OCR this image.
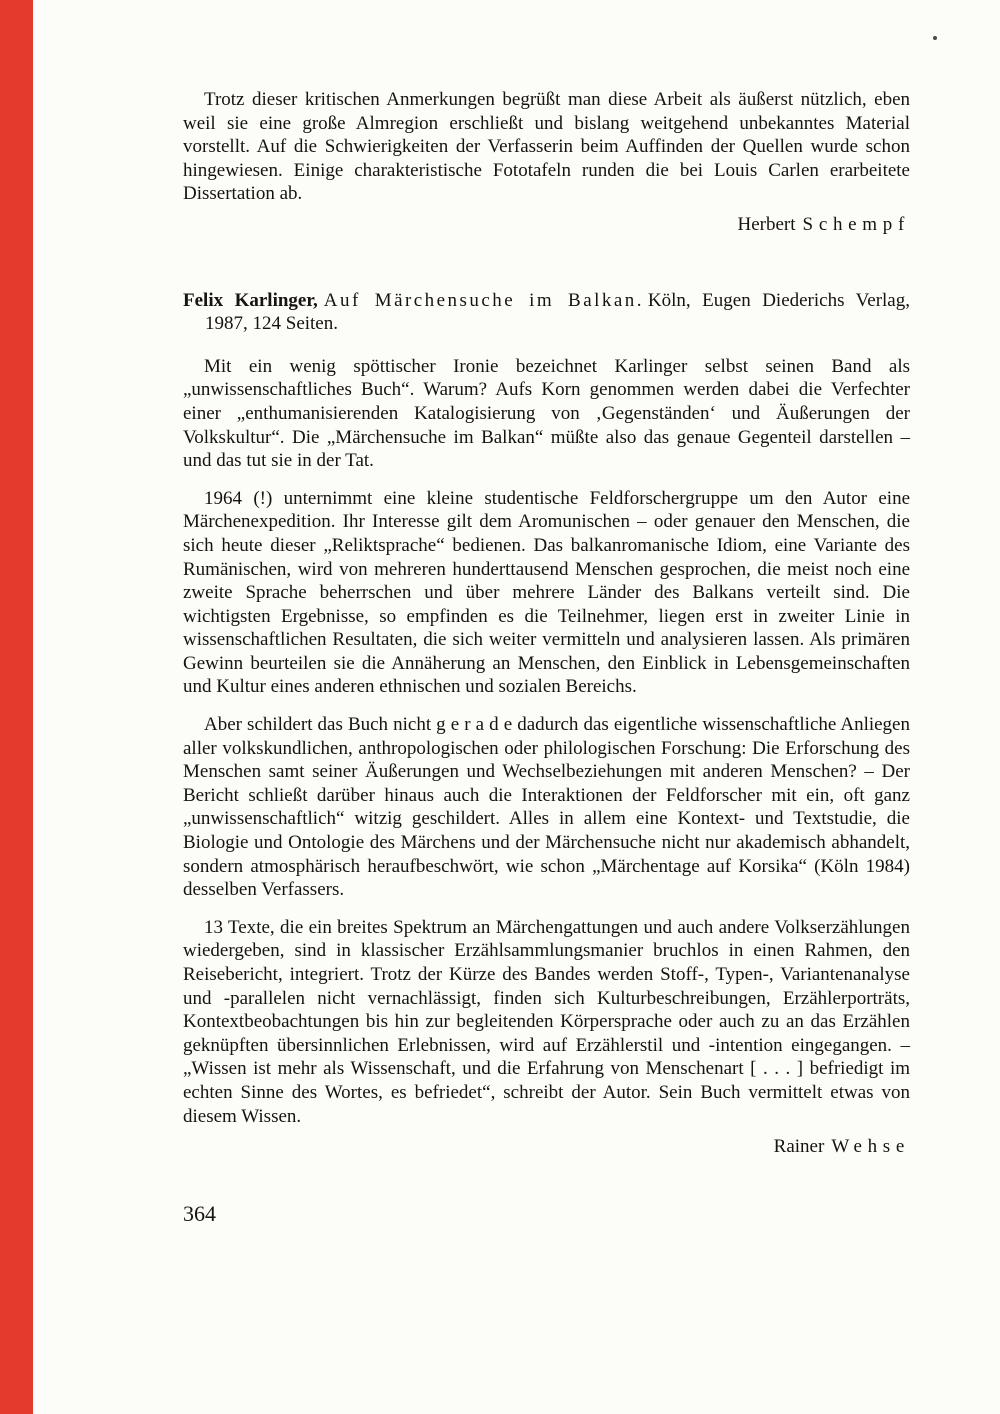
Trotz dieser kritischen Anmerkungen begrüßt man diese Arbeit als äußerst nützlich, eben weil sie eine große Almregion erschließt und bislang weitgehend unbekanntes Material vorstellt. Auf die Schwierigkeiten der Verfasserin beim Auffinden der Quellen wurde schon hingewiesen. Einige charakteristische Fototafeln runden die bei Louis Carlen erarbeitete Dissertation ab.

Herbert Schempf

Felix Karlinger, Auf Märchensuche im Balkan. Köln, Eugen Diederichs Verlag, 1987, 124 Seiten.

Mit ein wenig spöttischer Ironie bezeichnet Karlinger selbst seinen Band als „unwissenschaftliches Buch“. Warum? Aufs Korn genommen werden dabei die Verfechter einer „enthumanisierenden Katalogisierung von ‚Gegenständen‘ und Äußerungen der Volkskultur“. Die „Märchensuche im Balkan“ müßte also das genaue Gegenteil darstellen – und das tut sie in der Tat.

1964 (!) unternimmt eine kleine studentische Feldforschergruppe um den Autor eine Märchenexpedition. Ihr Interesse gilt dem Aromunischen – oder genauer den Menschen, die sich heute dieser „Reliktsprache“ bedienen. Das balkanromanische Idiom, eine Variante des Rumänischen, wird von mehreren hunderttausend Menschen gesprochen, die meist noch eine zweite Sprache beherrschen und über mehrere Länder des Balkans verteilt sind. Die wichtigsten Ergebnisse, so empfinden es die Teilnehmer, liegen erst in zweiter Linie in wissenschaftlichen Resultaten, die sich weiter vermitteln und analysieren lassen. Als primären Gewinn beurteilen sie die Annäherung an Menschen, den Einblick in Lebensgemeinschaften und Kultur eines anderen ethnischen und sozialen Bereichs.

Aber schildert das Buch nicht g e r a d e dadurch das eigentliche wissenschaftliche Anliegen aller volkskundlichen, anthropologischen oder philologischen Forschung: Die Erforschung des Menschen samt seiner Äußerungen und Wechselbeziehungen mit anderen Menschen? – Der Bericht schließt darüber hinaus auch die Interaktionen der Feldforscher mit ein, oft ganz „unwissenschaftlich“ witzig geschildert. Alles in allem eine Kontext- und Textstudie, die Biologie und Ontologie des Märchens und der Märchensuche nicht nur akademisch abhandelt, sondern atmosphärisch heraufbeschwört, wie schon „Märchentage auf Korsika“ (Köln 1984) desselben Verfassers.

13 Texte, die ein breites Spektrum an Märchengattungen und auch andere Volkserzählungen wiedergeben, sind in klassischer Erzählsammlungsmanier bruchlos in einen Rahmen, den Reisebericht, integriert. Trotz der Kürze des Bandes werden Stoff-, Typen-, Variantenanalyse und -parallelen nicht vernachlässigt, finden sich Kulturbeschreibungen, Erzählerporträts, Kontextbeobachtungen bis hin zur begleitenden Körpersprache oder auch zu an das Erzählen geknüpften übersinnlichen Erlebnissen, wird auf Erzählerstil und -intention eingegangen. – „Wissen ist mehr als Wissenschaft, und die Erfahrung von Menschenart [ . . . ] befriedigt im echten Sinne des Wortes, es befriedet“, schreibt der Autor. Sein Buch vermittelt etwas von diesem Wissen.

Rainer Wehse

364
